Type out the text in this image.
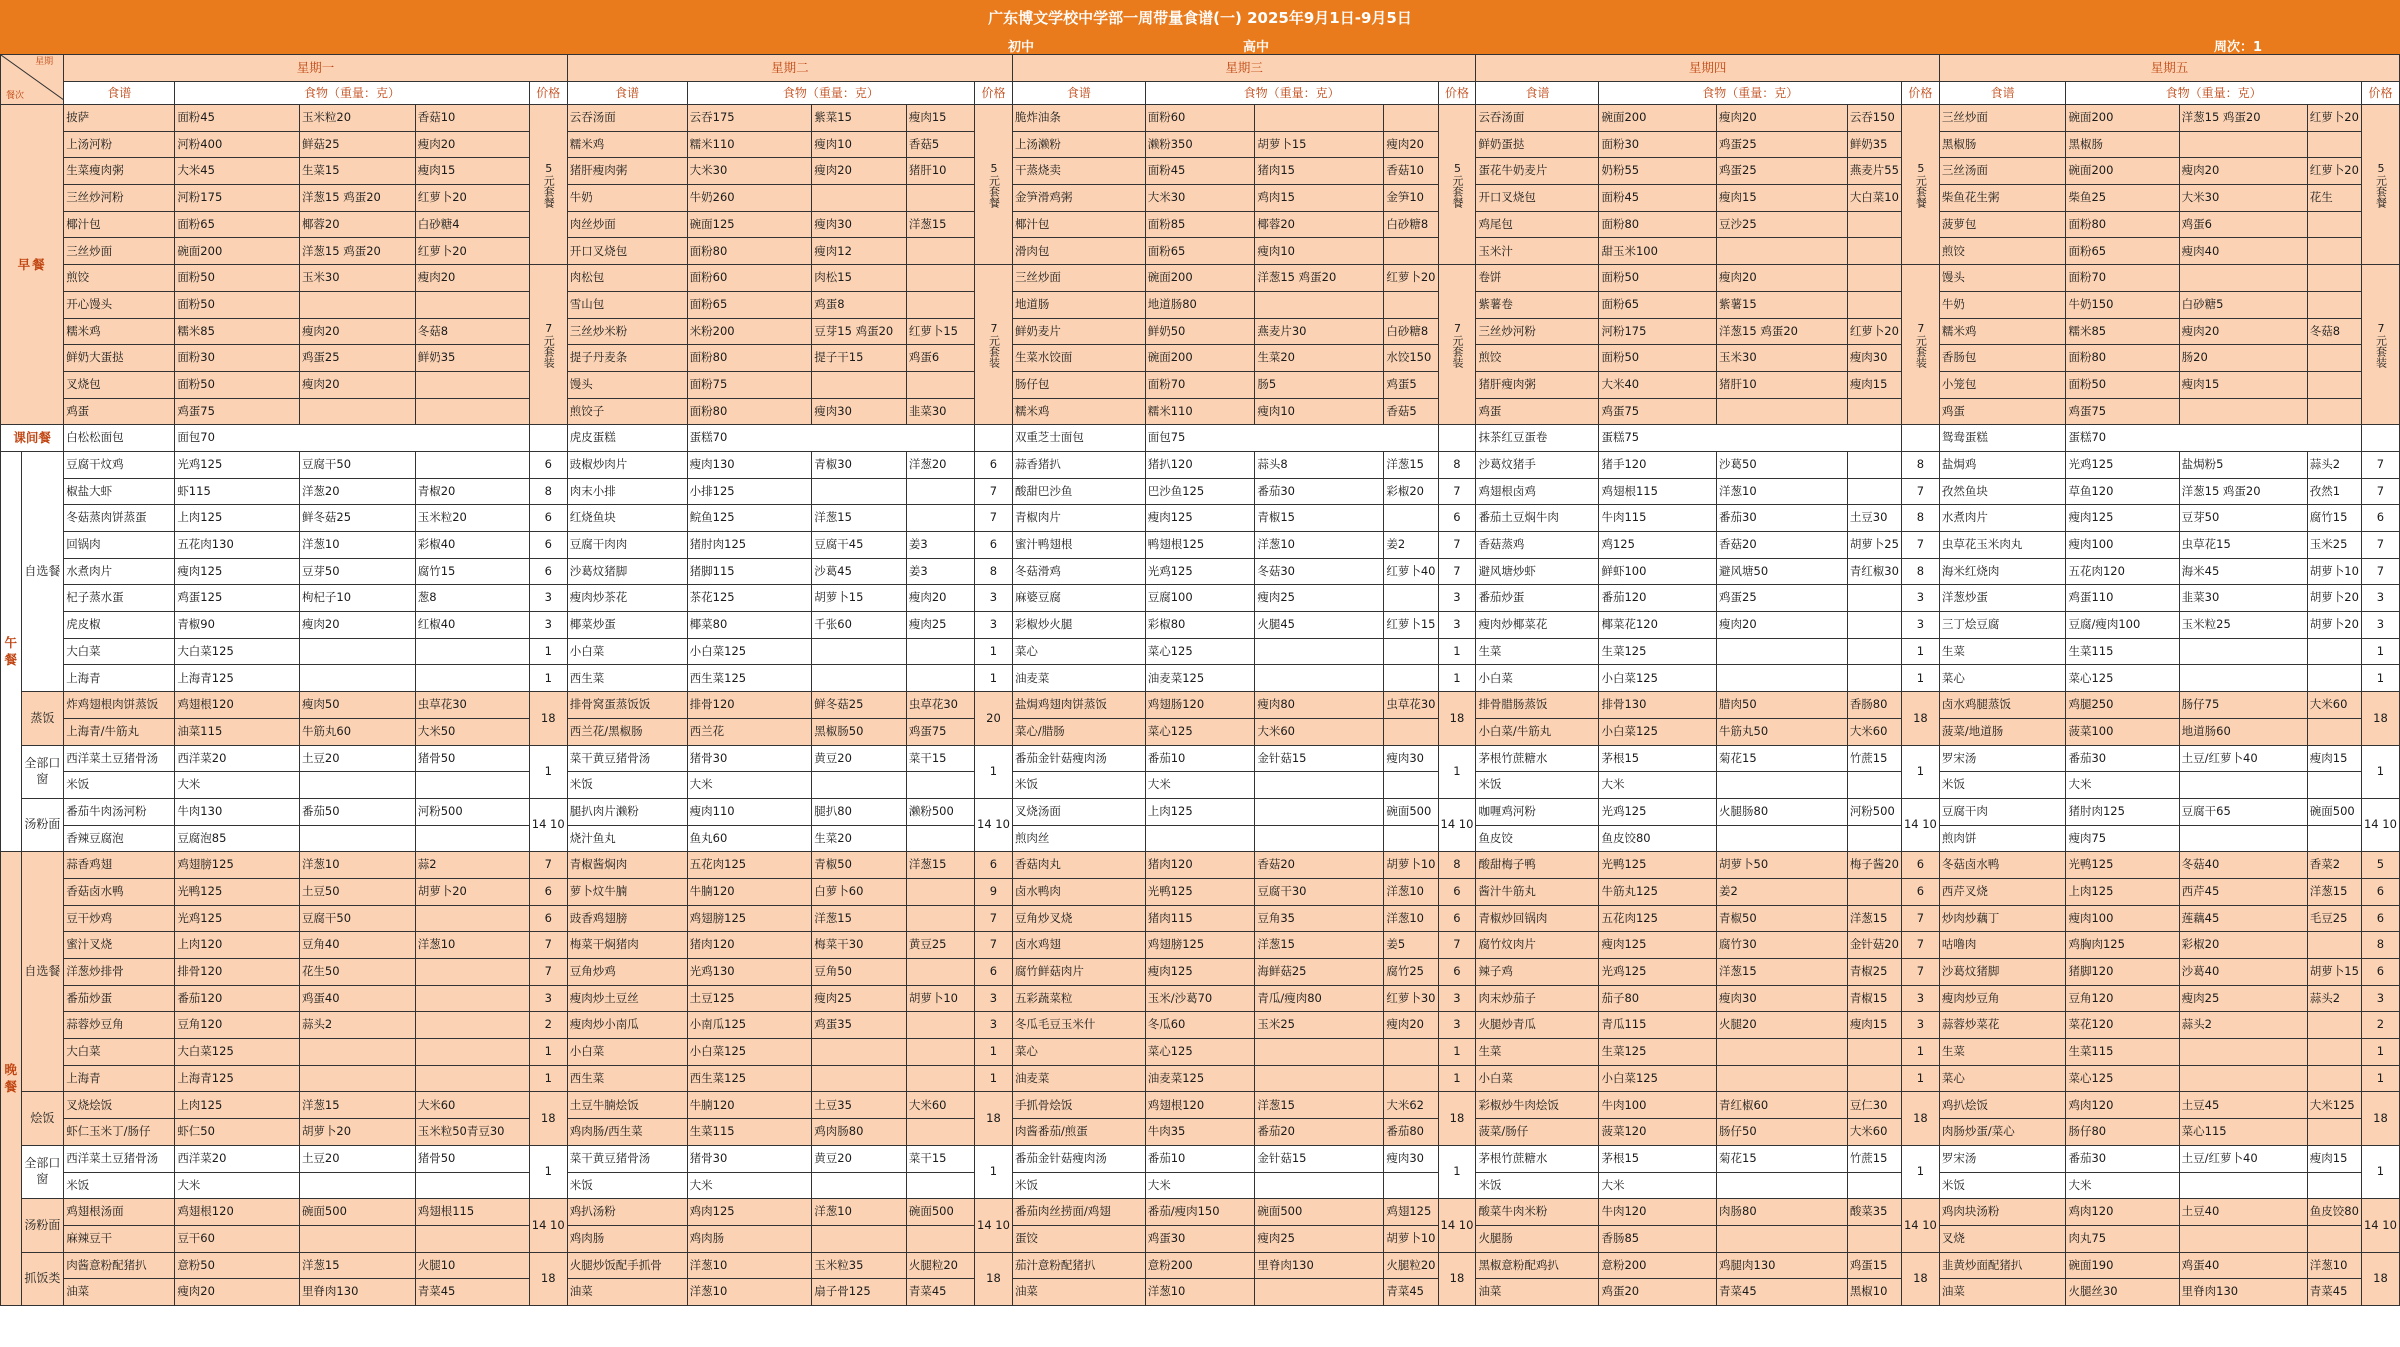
广东博文学校中学部一周带量食谱(一) 2025年9月1日-9月5日
初中	高中	周次：1
星期
餐次		星期一					星期二					星期三					星期四					星期五				
		食谱	食物（重量：克）			价格	食谱	食物（重量：克）			价格	食谱	食物（重量：克）			价格	食谱	食物（重量：克）			价格	食谱	食物（重量：克）			价格
早餐		披萨	面粉45	玉米粒20	香菇10	5元套餐	云吞汤面	云吞175	紫菜15	瘦肉15	5元套餐	脆炸油条	面粉60			5元套餐	云吞汤面	碗面200	瘦肉20	云吞150	5元套餐	三丝炒面	碗面200	洋葱15 鸡蛋20	红萝卜20	5元套餐
		上汤河粉	河粉400	鲜菇25	瘦肉20		糯米鸡	糯米110	瘦肉10	香菇5		上汤濑粉	濑粉350	胡萝卜15	瘦肉20		鲜奶蛋挞	面粉30	鸡蛋25	鲜奶35		黑椒肠	黑椒肠			
		生菜瘦肉粥	大米45	生菜15	瘦肉15		猪肝瘦肉粥	大米30	瘦肉20	猪肝10		干蒸烧卖	面粉45	猪肉15	香菇10		蛋花牛奶麦片	奶粉55	鸡蛋25	燕麦片55		三丝汤面	碗面200	瘦肉20	红萝卜20	
		三丝炒河粉	河粉175	洋葱15 鸡蛋20	红萝卜20		牛奶	牛奶260				金笋滑鸡粥	大米30	鸡肉15	金笋10		开口叉烧包	面粉45	瘦肉15	大白菜10		柴鱼花生粥	柴鱼25	大米30	花生	
		椰汁包	面粉65	椰蓉20	白砂糖4		肉丝炒面	碗面125	瘦肉30	洋葱15		椰汁包	面粉85	椰蓉20	白砂糖8		鸡尾包	面粉80	豆沙25			菠萝包	面粉80	鸡蛋6		
		三丝炒面	碗面200	洋葱15 鸡蛋20	红萝卜20		开口叉烧包	面粉80	瘦肉12			滑肉包	面粉65	瘦肉10			玉米汁	甜玉米100				煎饺	面粉65	瘦肉40		
		煎饺	面粉50	玉米30	瘦肉20	7元套装	肉松包	面粉60	肉松15		7元套装	三丝炒面	碗面200	洋葱15 鸡蛋20	红萝卜20	7元套装	卷饼	面粉50	瘦肉20		7元套装	馒头	面粉70			7元套装
		开心馒头	面粉50				雪山包	面粉65	鸡蛋8			地道肠	地道肠80				紫薯卷	面粉65	紫薯15			牛奶	牛奶150	白砂糖5		
		糯米鸡	糯米85	瘦肉20	冬菇8		三丝炒米粉	米粉200	豆芽15 鸡蛋20	红萝卜15		鲜奶麦片	鲜奶50	燕麦片30	白砂糖8		三丝炒河粉	河粉175	洋葱15 鸡蛋20	红萝卜20		糯米鸡	糯米85	瘦肉20	冬菇8	
		鲜奶大蛋挞	面粉30	鸡蛋25	鲜奶35		提子丹麦条	面粉80	提子干15	鸡蛋6		生菜水饺面	碗面200	生菜20	水饺150		煎饺	面粉50	玉米30	瘦肉30		香肠包	面粉80	肠20		
		叉烧包	面粉50	瘦肉20			馒头	面粉75				肠仔包	面粉70	肠5	鸡蛋5		猪肝瘦肉粥	大米40	猪肝10	瘦肉15		小笼包	面粉50	瘦肉15		
		鸡蛋	鸡蛋75				煎饺子	面粉80	瘦肉30	韭菜30		糯米鸡	糯米110	瘦肉10	香菇5		鸡蛋	鸡蛋75				鸡蛋	鸡蛋75			
课间餐		白松松面包	面包70				虎皮蛋糕	蛋糕70				双重芝士面包	面包75				抹茶红豆蛋卷	蛋糕75				鸳鸯蛋糕	蛋糕70			
午餐	自选餐	豆腐干炆鸡	光鸡125	豆腐干50		6	豉椒炒肉片	瘦肉130	青椒30	洋葱20	6	蒜香猪扒	猪扒120	蒜头8	洋葱15	8	沙葛炆猪手	猪手120	沙葛50		8	盐焗鸡	光鸡125	盐焗粉5	蒜头2	7
		椒盐大虾	虾115	洋葱20	青椒20	8	肉末小排	小排125			7	酸甜巴沙鱼	巴沙鱼125	番茄30	彩椒20	7	鸡翅根卤鸡	鸡翅根115	洋葱10		7	孜然鱼块	草鱼120	洋葱15 鸡蛋20	孜然1	7
		冬菇蒸肉饼蒸蛋	上肉125	鲜冬菇25	玉米粒20	6	红烧鱼块	鲩鱼125	洋葱15		7	青椒肉片	瘦肉125	青椒15		6	番茄土豆焖牛肉	牛肉115	番茄30	土豆30	8	水煮肉片	瘦肉125	豆芽50	腐竹15	6
		回锅肉	五花肉130	洋葱10	彩椒40	6	豆腐干肉肉	猪肘肉125	豆腐干45	姜3	6	蜜汁鸭翅根	鸭翅根125	洋葱10	姜2	7	香菇蒸鸡	鸡125	香菇20	胡萝卜25	7	虫草花玉米肉丸	瘦肉100	虫草花15	玉米25	7
		水煮肉片	瘦肉125	豆芽50	腐竹15	6	沙葛炆猪脚	猪脚115	沙葛45	姜3	8	冬菇滑鸡	光鸡125	冬菇30	红萝卜40	7	避风塘炒虾	鲜虾100	避风塘50	青红椒30	8	海米红烧肉	五花肉120	海米45	胡萝卜10	7
		杞子蒸水蛋	鸡蛋125	枸杞子10	葱8	3	瘦肉炒茶花	茶花125	胡萝卜15	瘦肉20	3	麻婆豆腐	豆腐100	瘦肉25		3	番茄炒蛋	番茄120	鸡蛋25		3	洋葱炒蛋	鸡蛋110	韭菜30	胡萝卜20	3
		虎皮椒	青椒90	瘦肉20	红椒40	3	椰菜炒蛋	椰菜80	千张60	瘦肉25	3	彩椒炒火腿	彩椒80	火腿45	红萝卜15	3	瘦肉炒椰菜花	椰菜花120	瘦肉20		3	三丁烩豆腐	豆腐/瘦肉100	玉米粒25	胡萝卜20	3
		大白菜	大白菜125			1	小白菜	小白菜125			1	菜心	菜心125			1	生菜	生菜125			1	生菜	生菜115			1
		上海青	上海青125			1	西生菜	西生菜125			1	油麦菜	油麦菜125			1	小白菜	小白菜125			1	菜心	菜心125			1
	蒸饭	炸鸡翅根肉饼蒸饭	鸡翅根120	瘦肉50	虫草花30	18	排骨窝蛋蒸饭饭	排骨120	鲜冬菇25	虫草花30	20	盐焗鸡翅肉饼蒸饭	鸡翅肠120	瘦肉80	虫草花30	18	排骨腊肠蒸饭	排骨130	腊肉50	香肠80	18	卤水鸡腿蒸饭	鸡腿250	肠仔75	大米60	18
		上海青/牛筋丸	油菜115	牛筋丸60	大米50		西兰花/黑椒肠	西兰花	黑椒肠50	鸡蛋75		菜心/腊肠	菜心125	大米60			小白菜/牛筋丸	小白菜125	牛筋丸50	大米60		菠菜/地道肠	菠菜100	地道肠60		
	全部口窗	西洋菜土豆猪骨汤	西洋菜20	土豆20	猪骨50	1	菜干黄豆猪骨汤	猪骨30	黄豆20	菜干15	1	番茄金针菇瘦肉汤	番茄10	金针菇15	瘦肉30	1	茅根竹蔗糖水	茅根15	菊花15	竹蔗15	1	罗宋汤	番茄30	土豆/红萝卜40	瘦肉15	1
		米饭	大米				米饭	大米				米饭	大米				米饭	大米				米饭	大米			
	汤粉面	番茄牛肉汤河粉	牛肉130	番茄50	河粉500	14 10	腿扒肉片濑粉	瘦肉110	腿扒80	濑粉500	14 10	叉烧汤面	上肉125		碗面500	14 10	咖喱鸡河粉	光鸡125	火腿肠80	河粉500	14 10	豆腐干肉	猪肘肉125	豆腐干65	碗面500	14 10
		香辣豆腐泡	豆腐泡85				烧汁鱼丸	鱼丸60	生菜20			煎肉丝					鱼皮饺	鱼皮饺80				煎肉饼	瘦肉75			
晚餐	自选餐	蒜香鸡翅	鸡翅膀125	洋葱10	蒜2	7	青椒酱焖肉	五花肉125	青椒50	洋葱15	6	香菇肉丸	猪肉120	香菇20	胡萝卜10	8	酸甜梅子鸭	光鸭125	胡萝卜50	梅子酱20	6	冬菇卤水鸭	光鸭125	冬菇40	香菜2	5
		香菇卤水鸭	光鸭125	土豆50	胡萝卜20	6	萝卜炆牛腩	牛腩120	白萝卜60		9	卤水鸭肉	光鸭125	豆腐干30	洋葱10	6	酱汁牛筋丸	牛筋丸125	姜2		6	西芹叉烧	上肉125	西芹45	洋葱15	6
		豆干炒鸡	光鸡125	豆腐干50		6	豉香鸡翅膀	鸡翅膀125	洋葱15		7	豆角炒叉烧	猪肉115	豆角35	洋葱10	6	青椒炒回锅肉	五花肉125	青椒50	洋葱15	7	炒肉炒藕丁	瘦肉100	莲藕45	毛豆25	6
		蜜汁叉烧	上肉120	豆角40	洋葱10	7	梅菜干焖猪肉	猪肉120	梅菜干30	黄豆25	7	卤水鸡翅	鸡翅膀125	洋葱15	姜5	7	腐竹炆肉片	瘦肉125	腐竹30	金针菇20	7	咕噜肉	鸡胸肉125	彩椒20		8
		洋葱炒排骨	排骨120	花生50		7	豆角炒鸡	光鸡130	豆角50		6	腐竹鲜菇肉片	瘦肉125	海鲜菇25	腐竹25	6	辣子鸡	光鸡125	洋葱15	青椒25	7	沙葛炆猪脚	猪脚120	沙葛40	胡萝卜15	6
		番茄炒蛋	番茄120	鸡蛋40		3	瘦肉炒土豆丝	土豆125	瘦肉25	胡萝卜10	3	五彩蔬菜粒	玉米/沙葛70	青瓜/瘦肉80	红萝卜30	3	肉末炒茄子	茄子80	瘦肉30	青椒15	3	瘦肉炒豆角	豆角120	瘦肉25	蒜头2	3
		蒜蓉炒豆角	豆角120	蒜头2		2	瘦肉炒小南瓜	小南瓜125	鸡蛋35		3	冬瓜毛豆玉米什	冬瓜60	玉米25	瘦肉20	3	火腿炒青瓜	青瓜115	火腿20	瘦肉15	3	蒜蓉炒菜花	菜花120	蒜头2		2
		大白菜	大白菜125			1	小白菜	小白菜125			1	菜心	菜心125			1	生菜	生菜125			1	生菜	生菜115			1
		上海青	上海青125			1	西生菜	西生菜125			1	油麦菜	油麦菜125			1	小白菜	小白菜125			1	菜心	菜心125			1
	烩饭	叉烧烩饭	上肉125	洋葱15	大米60	18	土豆牛腩烩饭	牛腩120	土豆35	大米60	18	手抓骨烩饭	鸡翅根120	洋葱15	大米62	18	彩椒炒牛肉烩饭	牛肉100	青红椒60	豆仁30	18	鸡扒烩饭	鸡肉120	土豆45	大米125	18
		虾仁玉米丁/肠仔	虾仁50	胡萝卜20	玉米粒50青豆30		鸡肉肠/西生菜	生菜115	鸡肉肠80			肉酱番茄/煎蛋	牛肉35	番茄20	番茄80		菠菜/肠仔	菠菜120	肠仔50	大米60		肉肠炒蛋/菜心	肠仔80	菜心115		
	全部口窗	西洋菜土豆猪骨汤	西洋菜20	土豆20	猪骨50	1	菜干黄豆猪骨汤	猪骨30	黄豆20	菜干15	1	番茄金针菇瘦肉汤	番茄10	金针菇15	瘦肉30	1	茅根竹蔗糖水	茅根15	菊花15	竹蔗15	1	罗宋汤	番茄30	土豆/红萝卜40	瘦肉15	1
		米饭	大米				米饭	大米				米饭	大米				米饭	大米				米饭	大米			
	汤粉面	鸡翅根汤面	鸡翅根120	碗面500	鸡翅根115	14 10	鸡扒汤粉	鸡肉125	洋葱10	碗面500	14 10	番茄肉丝捞面/鸡翅	番茄/瘦肉150	碗面500	鸡翅125	14 10	酸菜牛肉米粉	牛肉120	肉肠80	酸菜35	14 10	鸡肉块汤粉	鸡肉120	土豆40	鱼皮饺80	14 10
		麻辣豆干	豆干60				鸡肉肠	鸡肉肠				蛋饺	鸡蛋30	瘦肉25	胡萝卜10		火腿肠	香肠85				叉烧	肉丸75			
	抓饭类	肉酱意粉配猪扒	意粉50	洋葱15	火腿10	18	火腿炒饭配手抓骨	洋葱10	玉米粒35	火腿粒20	18	茄汁意粉配猪扒	意粉200	里脊肉130	火腿粒20	18	黑椒意粉配鸡扒	意粉200	鸡腿肉130	鸡蛋15	18	韭黄炒面配猪扒	碗面190	鸡蛋40	洋葱10	18
		油菜	瘦肉20	里脊肉130	青菜45		油菜	洋葱10	扇子骨125	青菜45		油菜	洋葱10		青菜45		油菜	鸡蛋20	青菜45	黑椒10		油菜	火腿丝30	里脊肉130	青菜45	
